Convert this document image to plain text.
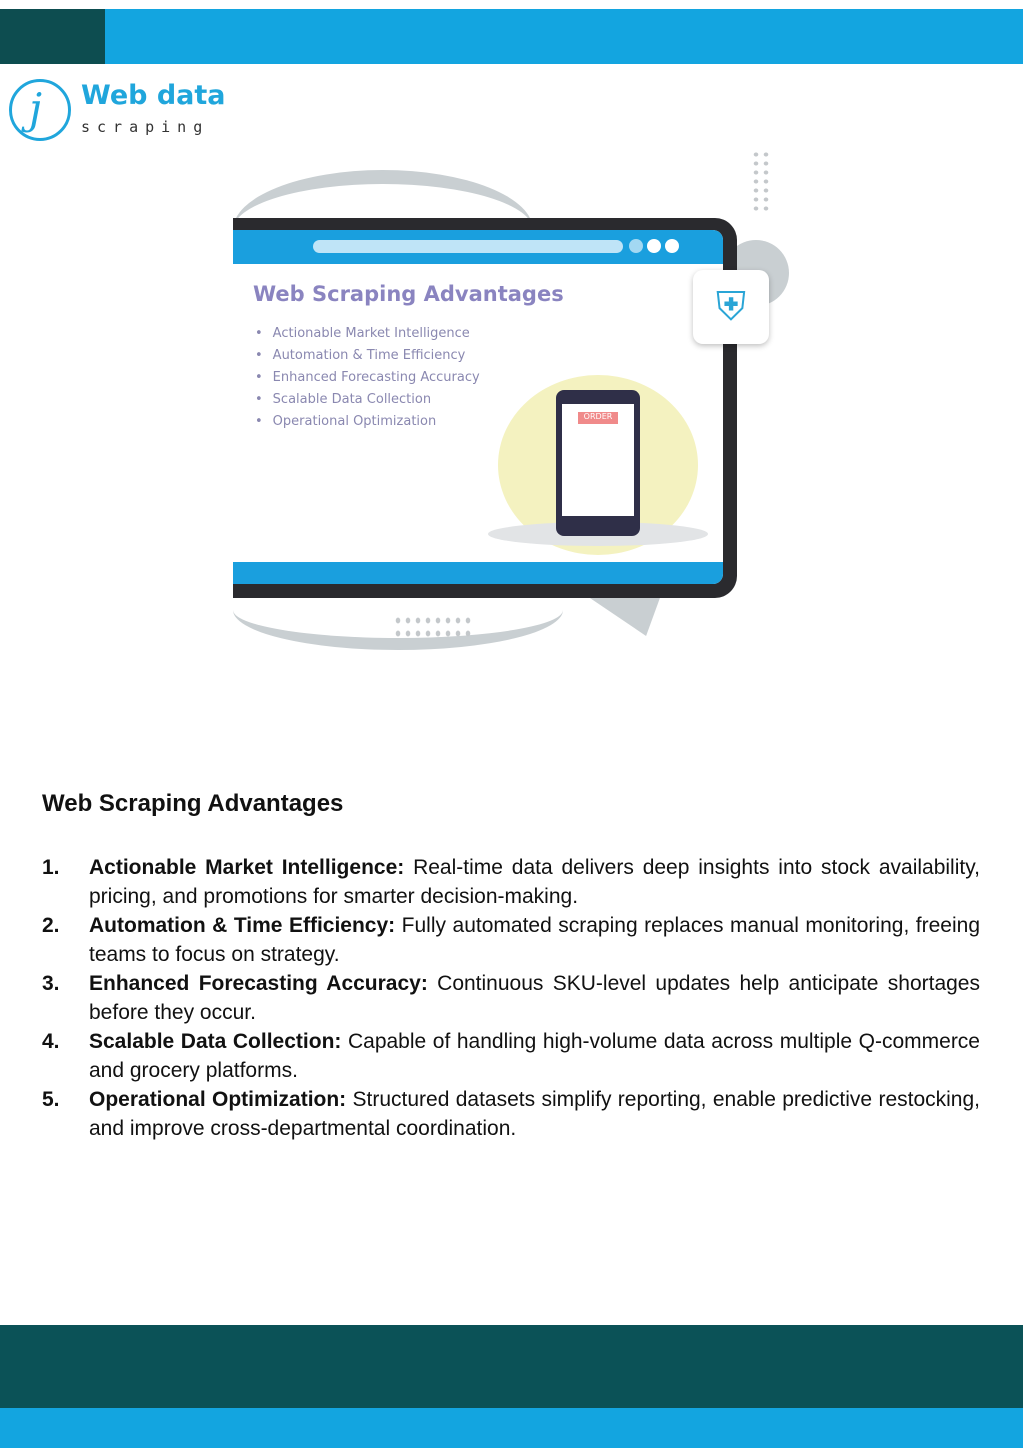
j Web data
scraping
Web Scraping Advantages
• Actionable Market Intelligence
• Automation & Time Efficiency
• Enhanced Forecasting Accuracy
• Scalable Data Collection
• Operational Optimization	ORDER
⛨
Web Scraping Advantages
1. Actionable Market Intelligence: Real-time data delivers deep insights into stock availability, pricing, and promotions for smarter decision-making.
2. Automation & Time Efficiency: Fully automated scraping replaces manual monitoring, freeing teams to focus on strategy.
3. Enhanced Forecasting Accuracy: Continuous SKU-level updates help anticipate shortages before they occur.
4. Scalable Data Collection: Capable of handling high-volume data across multiple Q-commerce and grocery platforms.
5. Operational Optimization: Structured datasets simplify reporting, enable predictive restocking, and improve cross-departmental coordination.
